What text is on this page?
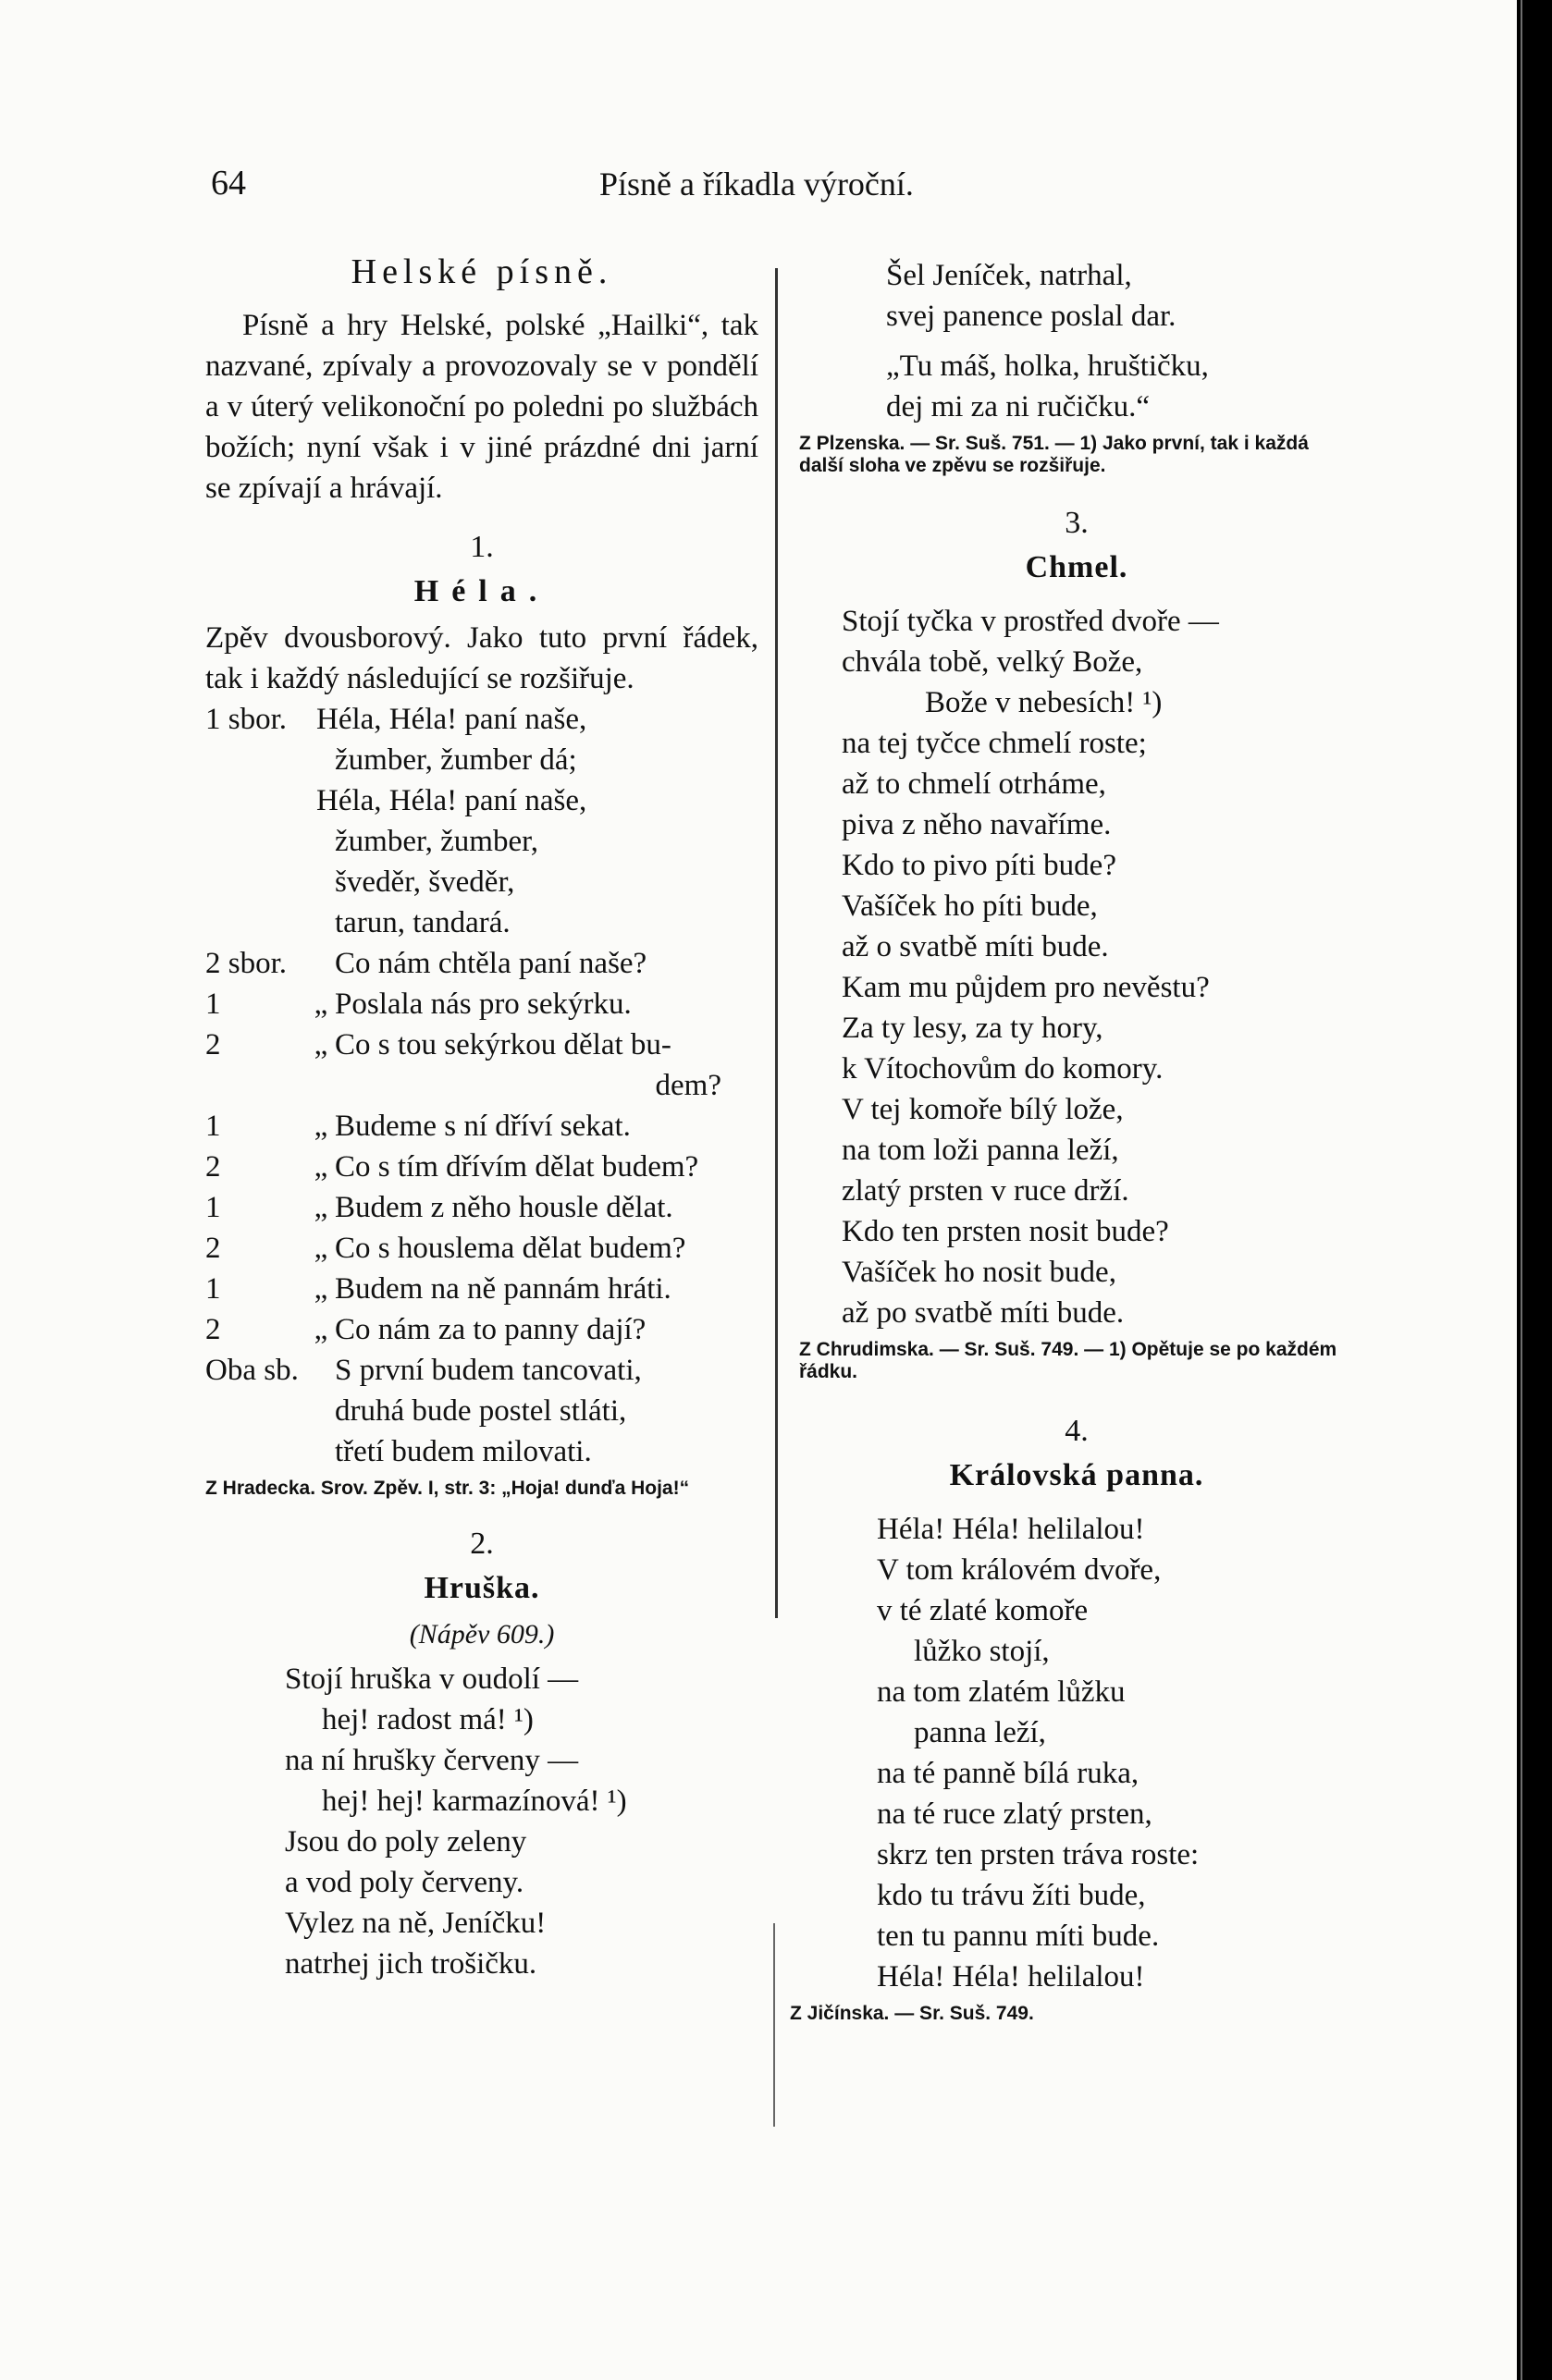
64	Písně a říkadla výroční.
Helské písně.

Písně a hry Helské, polské „Hailki“, tak nazvané, zpívaly a provozovaly se v pondělí a v úterý velikonoční po poledni po službách božích; nyní však i v jiné prázdné dni jarní se zpívají a hrávají.

1.
Héla.
Zpěv dvousborový. Jako tuto první řádek, tak i každý následující se rozšiřuje.
1 sbor. Héla, Héla! paní naše,
žumber, žumber dá;
Héla, Héla! paní naše,
žumber, žumber,
šveděr, šveděr,
tarun, tandará.
2 sbor.	Co nám chtěla paní naše?
1	„ Poslala nás pro sekýrku.
2	„ Co s tou sekýrkou dělat bu-
dem?
1	„ Budeme s ní dříví sekat.
2	„ Co s tím dřívím dělat budem?
1	„ Budem z něho housle dělat.
2	„ Co s houslema dělat budem?
1	„ Budem na ně pannám hráti.
2	„ Co nám za to panny dají?
Oba sb.	S první budem tancovati,
druhá bude postel stláti,
třetí budem milovati.
Z Hradecka. Srov. Zpěv. I, str. 3: „Hoja! dunďa Hoja!“
2.
Hruška.
(Nápěv 609.)
Stojí hruška v oudolí —
hej! radost má! ¹)
na ní hrušky červeny —
hej! hej! karmazínová! ¹)
Jsou do poly zeleny
a vod poly červeny.
Vylez na ně, Jeníčku!
natrhej jich trošičku.
Šel Jeníček, natrhal,
svej panence poslal dar.
„Tu máš, holka, hruštičku,
dej mi za ni ručičku.“
Z Plzenska. — Sr. Suš. 751. — 1) Jako první, tak i každá další sloha ve zpěvu se rozšiřuje.
3.
Chmel.
Stojí tyčka v prostřed dvoře —
chvála tobě, velký Bože,
Bože v nebesích! ¹)
na tej tyčce chmelí roste;
až to chmelí otrháme,
piva z něho navaříme.
Kdo to pivo píti bude?
Vašíček ho píti bude,
až o svatbě míti bude.
Kam mu půjdem pro nevěstu?
Za ty lesy, za ty hory,
k Vítochovům do komory.
V tej komoře bílý lože,
na tom loži panna leží,
zlatý prsten v ruce drží.
Kdo ten prsten nosit bude?
Vašíček ho nosit bude,
až po svatbě míti bude.
Z Chrudimska. — Sr. Suš. 749. — 1) Opětuje se po každém řádku.
4.
Královská panna.
Héla! Héla! helilalou!
V tom královém dvoře,
v té zlaté komoře
lůžko stojí,
na tom zlatém lůžku
panna leží,
na té panně bílá ruka,
na té ruce zlatý prsten,
skrz ten prsten tráva roste:
kdo tu trávu žíti bude,
ten tu pannu míti bude.
Héla! Héla! helilalou!
Z Jičínska. — Sr. Suš. 749.
